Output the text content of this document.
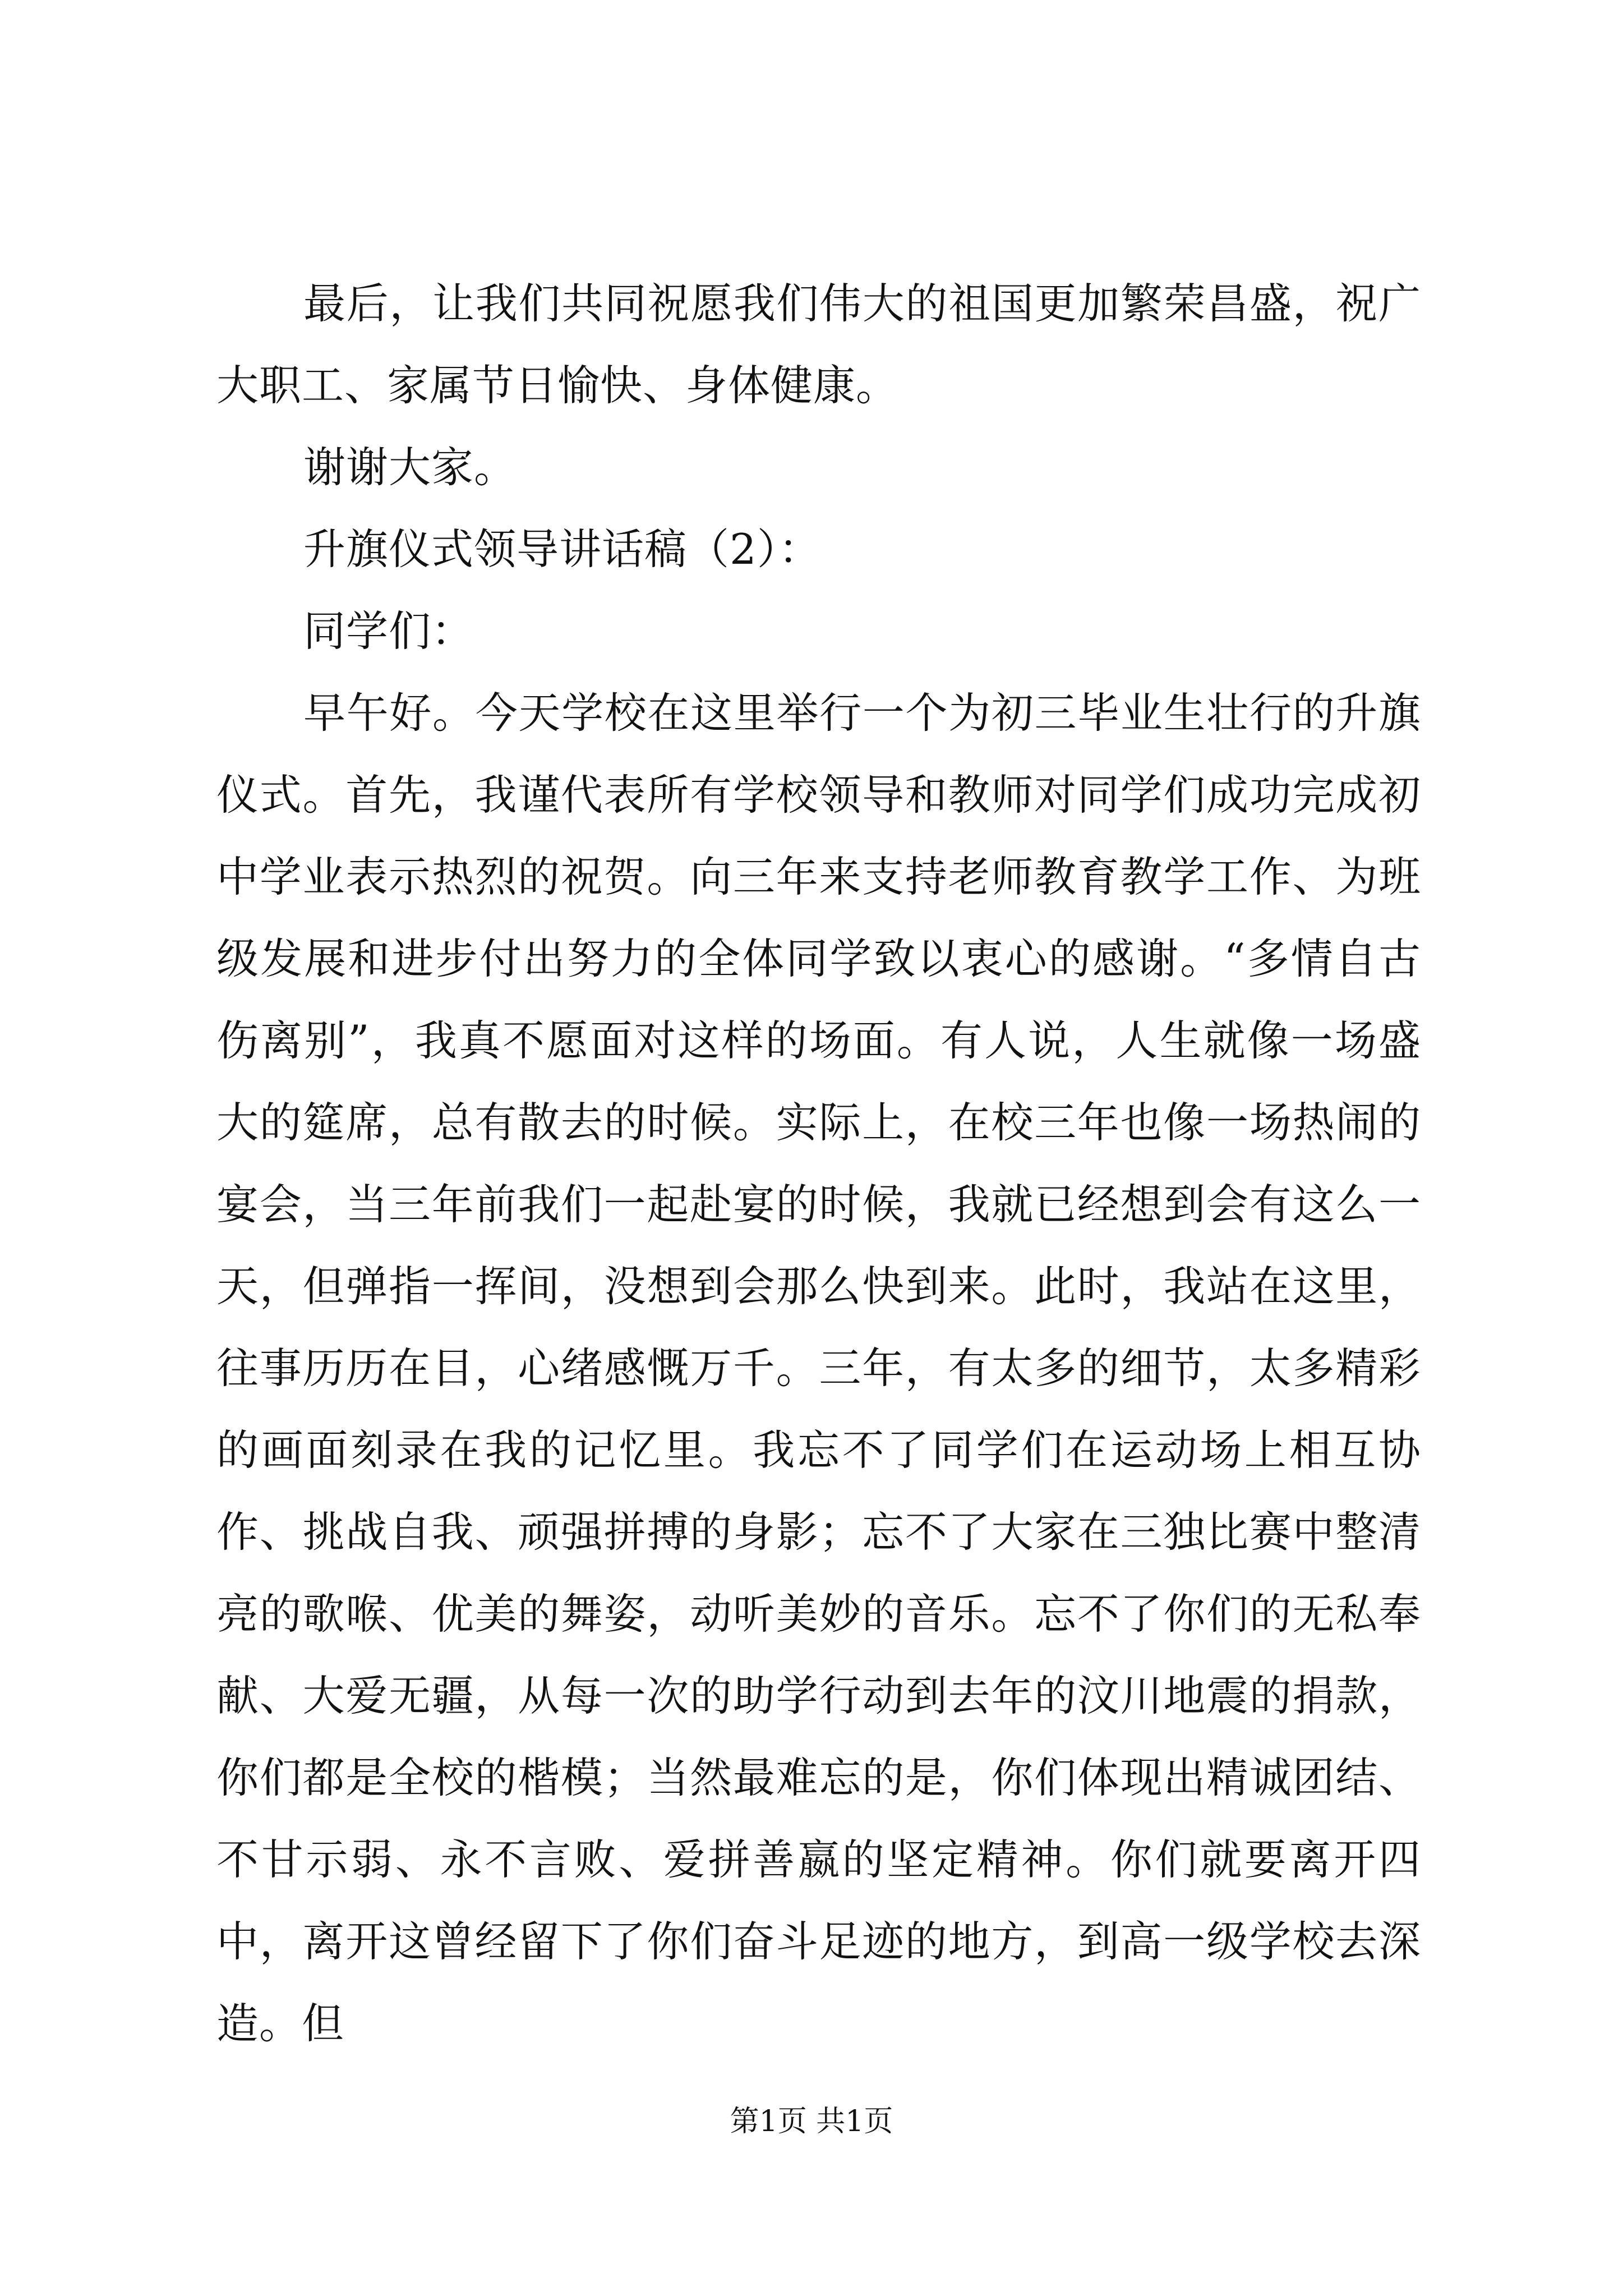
最后，让我们共同祝愿我们伟大的祖国更加繁荣昌盛，祝广大职工、家属节日愉快、身体健康。

谢谢大家。

升旗仪式领导讲话稿（2）：

同学们：

早午好。今天学校在这里举行一个为初三毕业生壮行的升旗仪式。首先，我谨代表所有学校领导和教师对同学们成功完成初中学业表示热烈的祝贺。向三年来支持老师教育教学工作、为班级发展和进步付出努力的全体同学致以衷心的感谢。“多情自古伤离别”，我真不愿面对这样的场面。有人说，人生就像一场盛大的筵席，总有散去的时候。实际上，在校三年也像一场热闹的宴会，当三年前我们一起赴宴的时候，我就已经想到会有这么一天，但弹指一挥间，没想到会那么快到来。此时，我站在这里，往事历历在目，心绪感慨万千。三年，有太多的细节，太多精彩的画面刻录在我的记忆里。我忘不了同学们在运动场上相互协作、挑战自我、顽强拼搏的身影；忘不了大家在三独比赛中整清亮的歌喉、优美的舞姿，动听美妙的音乐。忘不了你们的无私奉献、大爱无疆，从每一次的助学行动到去年的汶川地震的捐款，你们都是全校的楷模；当然最难忘的是，你们体现出精诚团结、不甘示弱、永不言败、爱拼善嬴的坚定精神。你们就要离开四中，离开这曾经留下了你们奋斗足迹的地方，到高一级学校去深造。但

第1页 共1页
